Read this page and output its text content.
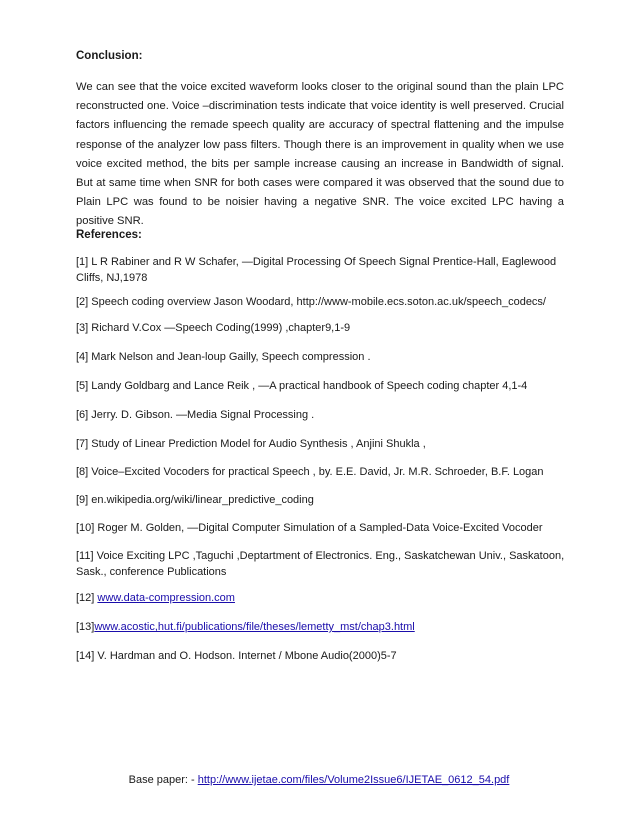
Conclusion:
We can see that the voice excited waveform looks closer to the original sound than the plain LPC reconstructed one. Voice –discrimination tests indicate that voice identity is well preserved. Crucial factors influencing the remade speech quality are accuracy of spectral flattening and the impulse response of the analyzer low pass filters. Though there is an improvement in quality when we use voice excited method, the bits per sample increase causing an increase in Bandwidth of signal. But at same time when SNR for both cases were compared it was observed that the sound due to Plain LPC was found to be noisier having a negative SNR. The voice excited LPC having a positive SNR.
References:
[1] L R Rabiner and R W Schafer, —Digital Processing Of Speech Signal Prentice-Hall, Eaglewood Cliffs, NJ,1978
[2] Speech coding overview Jason Woodard, http://www-mobile.ecs.soton.ac.uk/speech_codecs/
[3] Richard V.Cox —Speech Coding(1999) ,chapter9,1-9
[4] Mark Nelson and Jean-loup Gailly, Speech compression .
[5] Landy Goldbarg and Lance Reik , —A practical handbook of Speech coding chapter 4,1-4
[6] Jerry. D. Gibson. —Media Signal Processing .
[7] Study of Linear Prediction Model for Audio Synthesis , Anjini Shukla ,
[8] Voice–Excited Vocoders for practical Speech , by. E.E. David, Jr. M.R. Schroeder, B.F. Logan
[9] en.wikipedia.org/wiki/linear_predictive_coding
[10] Roger M. Golden, —Digital Computer Simulation of a Sampled-Data Voice-Excited Vocoder
[11] Voice Exciting LPC ,Taguchi ,Deptartment of Electronics. Eng., Saskatchewan Univ., Saskatoon, Sask., conference Publications
[12] www.data-compression.com
[13]www.acostic,hut.fi/publications/file/theses/lemetty_mst/chap3.html
[14] V. Hardman and O. Hodson. Internet / Mbone Audio(2000)5-7
Base paper: - http://www.ijetae.com/files/Volume2Issue6/IJETAE_0612_54.pdf
